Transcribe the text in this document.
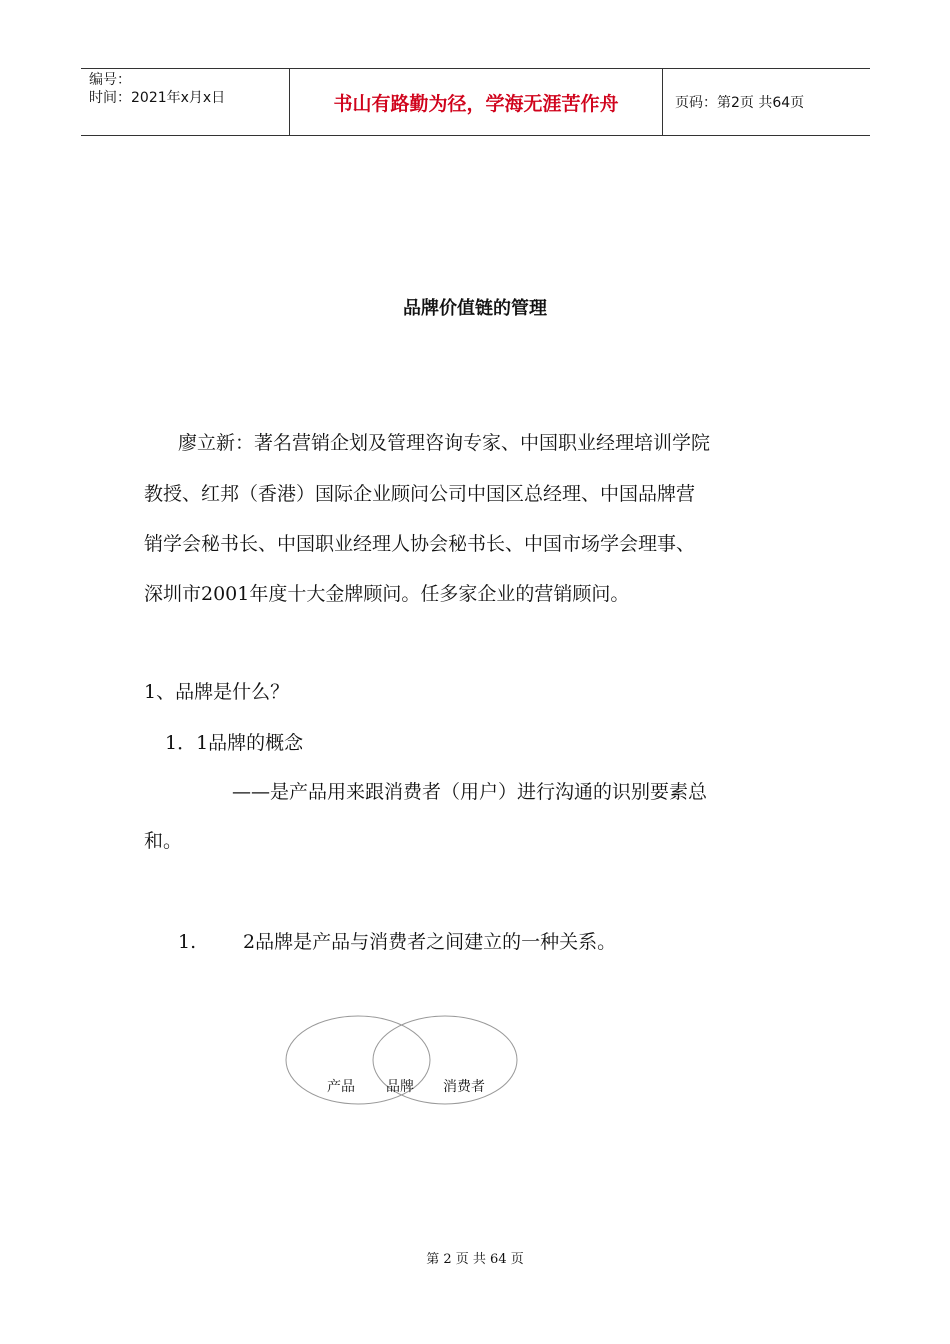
编号：
时间：2021年x月x日	书山有路勤为径，学海无涯苦作舟	页码：第2页 共64页
品牌价值链的管理
廖立新：著名营销企划及管理咨询专家、中国职业经理培训学院
教授、红邦（香港）国际企业顾问公司中国区总经理、中国品牌营
销学会秘书长、中国职业经理人协会秘书长、中国市场学会理事、
深圳市2001年度十大金牌顾问。任多家企业的营销顾问。
1、品牌是什么？
1．1品牌的概念
——是产品用来跟消费者（用户）进行沟通的识别要素总
和。
1. 2品牌是产品与消费者之间建立的一种关系。
产品 品牌 消费者
第 2 页 共 64 页
